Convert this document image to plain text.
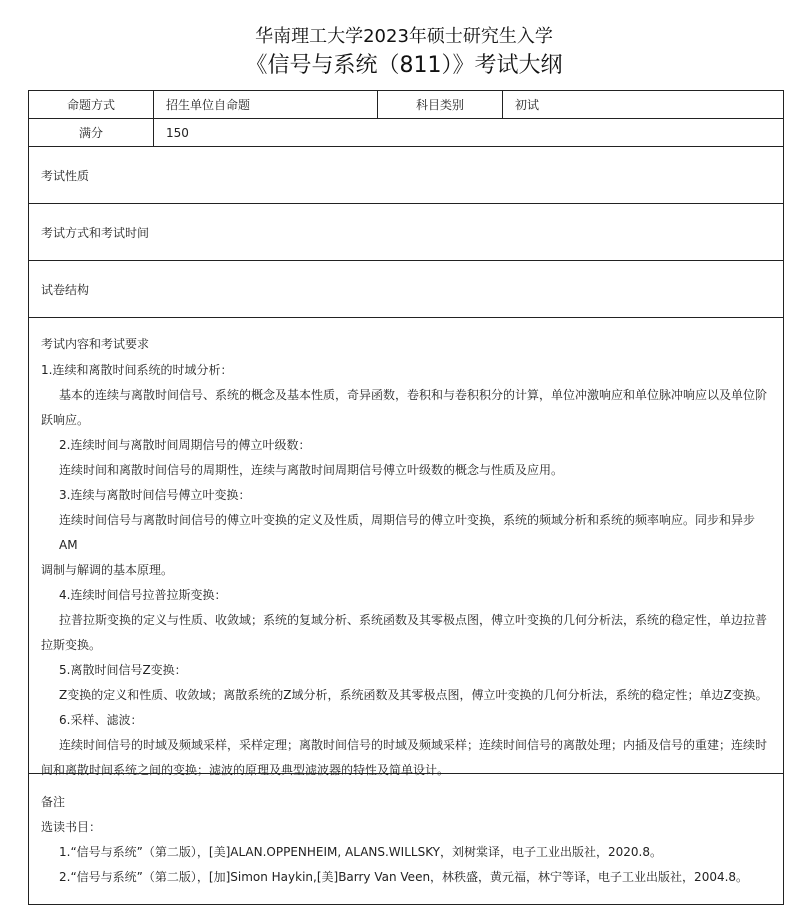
华南理工大学2023年硕士研究生入学
《信号与系统（811）》考试大纲
命题方式	招生单位自命题	科目类别	初试
满分	150
考试性质
考试方式和考试时间
试卷结构
考试内容和考试要求

1.连续和离散时间系统的时域分析：

基本的连续与离散时间信号、系统的概念及基本性质，奇异函数，卷积和与卷积积分的计算，单位冲激响应和单位脉冲响应以及单位阶

跃响应。

2.连续时间与离散时间周期信号的傅立叶级数：

连续时间和离散时间信号的周期性，连续与离散时间周期信号傅立叶级数的概念与性质及应用。

3.连续与离散时间信号傅立叶变换：

连续时间信号与离散时间信号的傅立叶变换的定义及性质，周期信号的傅立叶变换，系统的频域分析和系统的频率响应。同步和异步AM

调制与解调的基本原理。

4.连续时间信号拉普拉斯变换：

拉普拉斯变换的定义与性质、收敛域；系统的复域分析、系统函数及其零极点图，傅立叶变换的几何分析法，系统的稳定性，单边拉普

拉斯变换。

5.离散时间信号Z变换：

Z变换的定义和性质、收敛域；离散系统的Z域分析，系统函数及其零极点图，傅立叶变换的几何分析法，系统的稳定性；单边Z变换。

6.采样、滤波：

连续时间信号的时域及频域采样，采样定理；离散时间信号的时域及频域采样；连续时间信号的离散处理；内插及信号的重建；连续时

间和离散时间系统之间的变换；滤波的原理及典型滤波器的特性及简单设计。

备注

选读书目：

1.“信号与系统”（第二版），[美]ALAN.OPPENHEIM, ALANS.WILLSKY，刘树棠译，电子工业出版社，2020.8。

2.“信号与系统”（第二版），[加]Simon Haykin,[美]Barry Van Veen，林秩盛，黄元福，林宁等译，电子工业出版社，2004.8。
